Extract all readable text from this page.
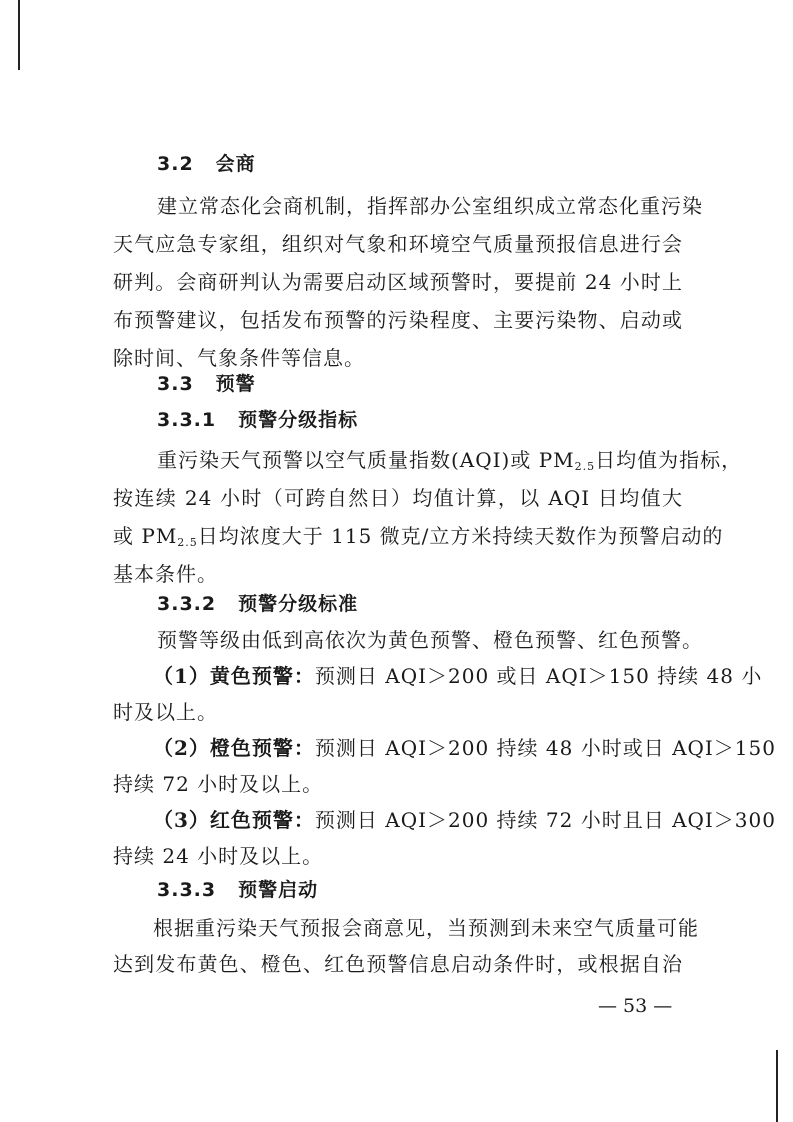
3.2 会商
建立常态化会商机制，指挥部办公室组织成立常态化重污染
天气应急专家组，组织对气象和环境空气质量预报信息进行会
研判。会商研判认为需要启动区域预警时，要提前 24 小时上
布预警建议，包括发布预警的污染程度、主要污染物、启动或
除时间、气象条件等信息。
3.3 预警
3.3.1 预警分级指标
重污染天气预警以空气质量指数(AQI)或 $PM_{2.5}$日均值为指标，
按连续 24 小时（可跨自然日）均值计算，以 AQI 日均值大
或 $PM_{2.5}$日均浓度大于 115 微克/立方米持续天数作为预警启动的
基本条件。
3.3.2 预警分级标准
预警等级由低到高依次为黄色预警、橙色预警、红色预警。
（1）黄色预警：预测日 AQI＞200 或日 AQI＞150 持续 48 小
时及以上。
（2）橙色预警：预测日 AQI＞200 持续 48 小时或日 AQI＞150
持续 72 小时及以上。
（3）红色预警：预测日 AQI＞200 持续 72 小时且日 AQI＞300
持续 24 小时及以上。
3.3.3 预警启动
根据重污染天气预报会商意见，当预测到未来空气质量可能
达到发布黄色、橙色、红色预警信息启动条件时，或根据自治
— 53 —
